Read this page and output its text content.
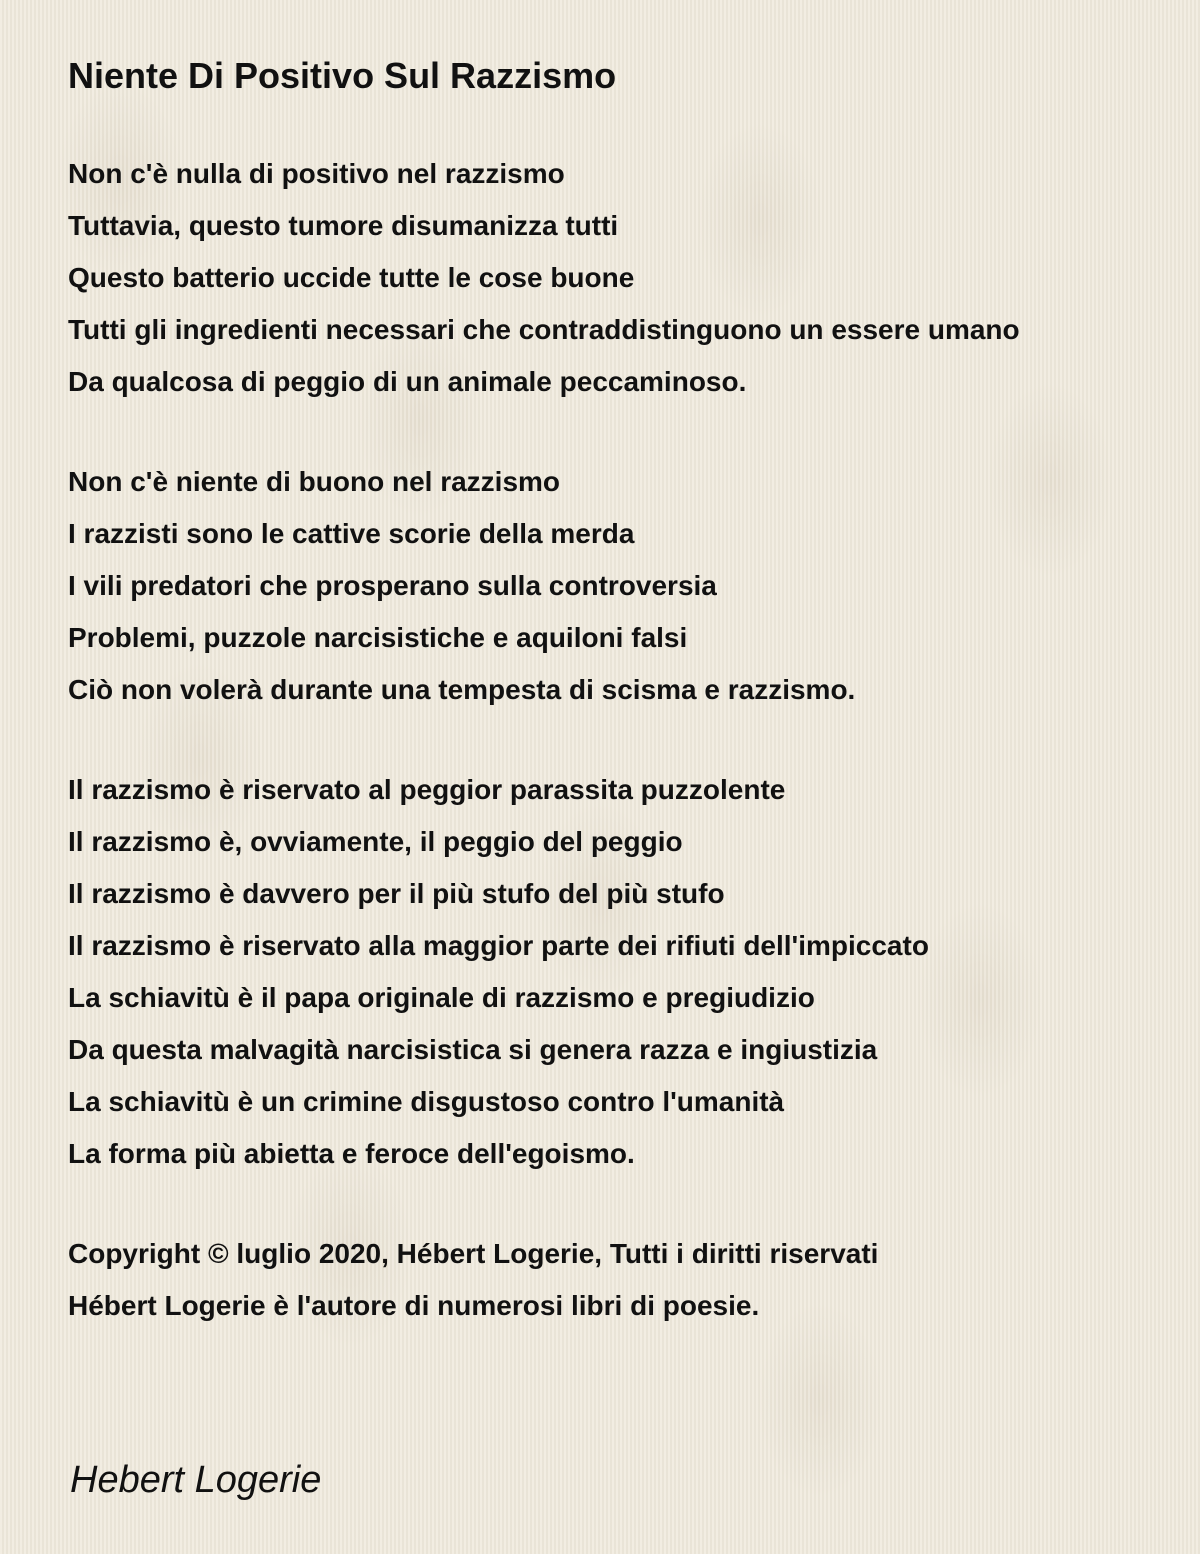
Niente Di Positivo Sul Razzismo
Non c'è nulla di positivo nel razzismo
Tuttavia, questo tumore disumanizza tutti
Questo batterio uccide tutte le cose buone
Tutti gli ingredienti necessari che contraddistinguono un essere umano
Da qualcosa di peggio di un animale peccaminoso.
Non c'è niente di buono nel razzismo
I razzisti sono le cattive scorie della merda
I vili predatori che prosperano sulla controversia
Problemi, puzzole narcisistiche e aquiloni falsi
Ciò non volerà durante una tempesta di scisma e razzismo.
Il razzismo è riservato al peggior parassita puzzolente
Il razzismo è, ovviamente, il peggio del peggio
Il razzismo è davvero per il più stufo del più stufo
Il razzismo è riservato alla maggior parte dei rifiuti dell'impiccato
La schiavitù è il papa originale di razzismo e pregiudizio
Da questa malvagità narcisistica si genera razza e ingiustizia
La schiavitù è un crimine disgustoso contro l'umanità
La forma più abietta e feroce dell'egoismo.
Copyright © luglio 2020, Hébert Logerie, Tutti i diritti riservati
Hébert Logerie è l'autore di numerosi libri di poesie.
Hebert Logerie
